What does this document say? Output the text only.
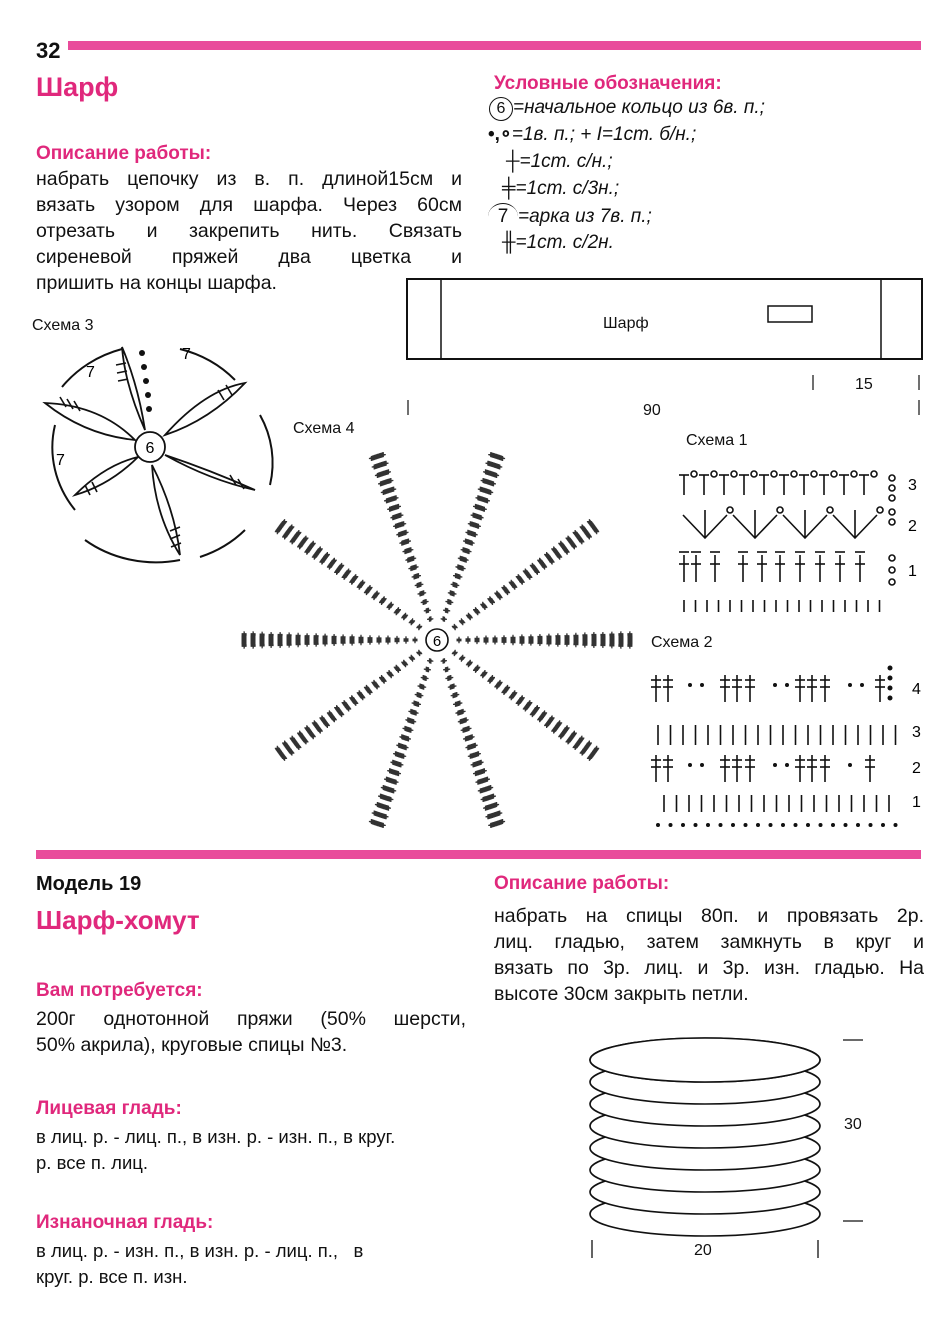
32
Шарф
Описание работы:
набрать цепочку из в. п. длиной15см и
вязать узором для шарфа. Через 60см
отрезать и закрепить нить. Связать
сиреневой пряжей два цветка и
пришить на концы шарфа.
Условные обозначения:
6 =начальное кольцо из 6в. п.;
•,∘=1в. п.; + I=1ст. б/н.;
┼=1ст. с/н.;
╪=1ст. с/3н.;
7 =арка из 7в. п.;
╫=1ст. с/2н.
Шарф
15
90
Схема 3
6
7
7
7
Схема 4
6
Схема 1
3
2
1
Схема 2
4
3
2
1
Модель 19
Шарф-хомут
Вам потребуется:
200г однотонной пряжи (50% шерсти,
50% акрила), круговые спицы №3.
Лицевая гладь:
в лиц. р. - лиц. п., в изн. р. - изн. п., в круг.
р. все п. лиц.
Изнаночная гладь:
в лиц. р. - изн. п., в изн. р. - лиц. п.,   в
круг. р. все п. изн.
Описание работы:
набрать на спицы 80п. и провязать 2р.
лиц. гладью, затем замкнуть в круг и
вязать по 3р. лиц. и 3р. изн. гладью. На
высоте 30см закрыть петли.
30
20
